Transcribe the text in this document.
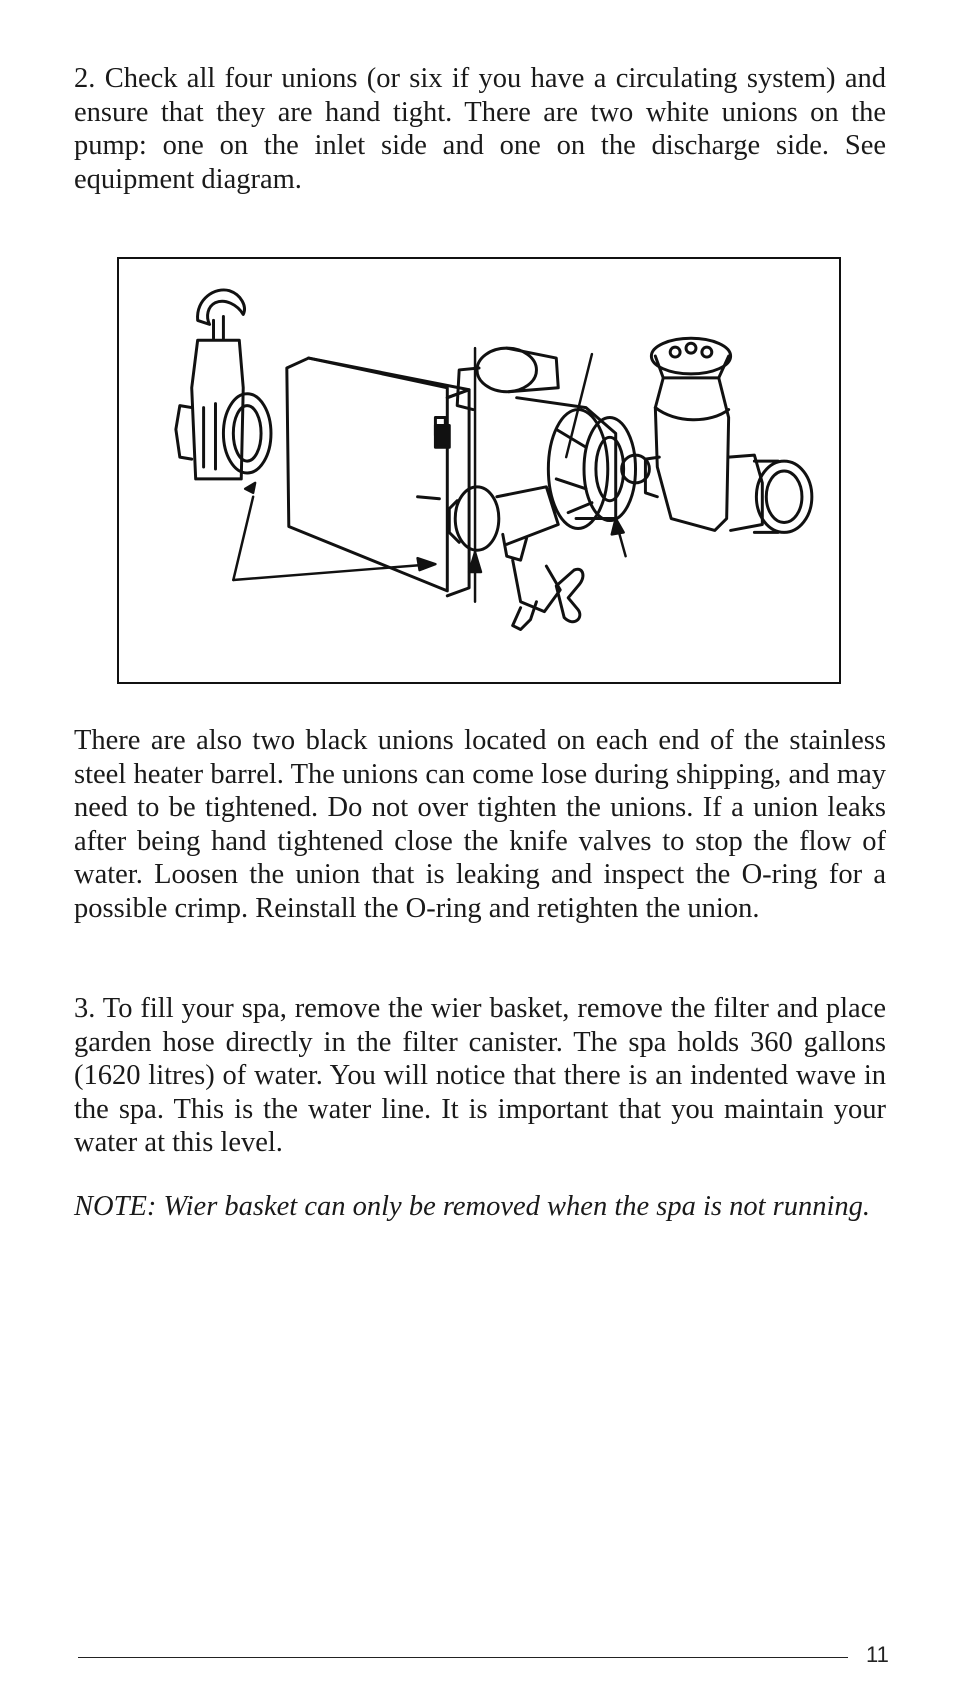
2. Check all four unions (or six if you have a circulating system) and ensure that they are hand tight. There are two white unions on the pump: one on the inlet side and one on the discharge side. See equipment diagram.

There are also two black unions located on each end of the stainless steel heater barrel. The unions can come lose during shipping, and may need to be tightened. Do not over tighten the unions. If a union leaks after being hand tightened close the knife valves to stop the flow of water. Loosen the union that is leaking and inspect the O-ring for a possible crimp. Reinstall the O-ring and retighten the union.

3. To fill your spa, remove the wier basket, remove the filter and place garden hose directly in the filter canister. The spa holds 360 gallons (1620 litres) of water. You will notice that there is an indented wave in the spa. This is the water line. It is important that you maintain your water at this level.

NOTE: Wier basket can only be removed when the spa is not running.

11
